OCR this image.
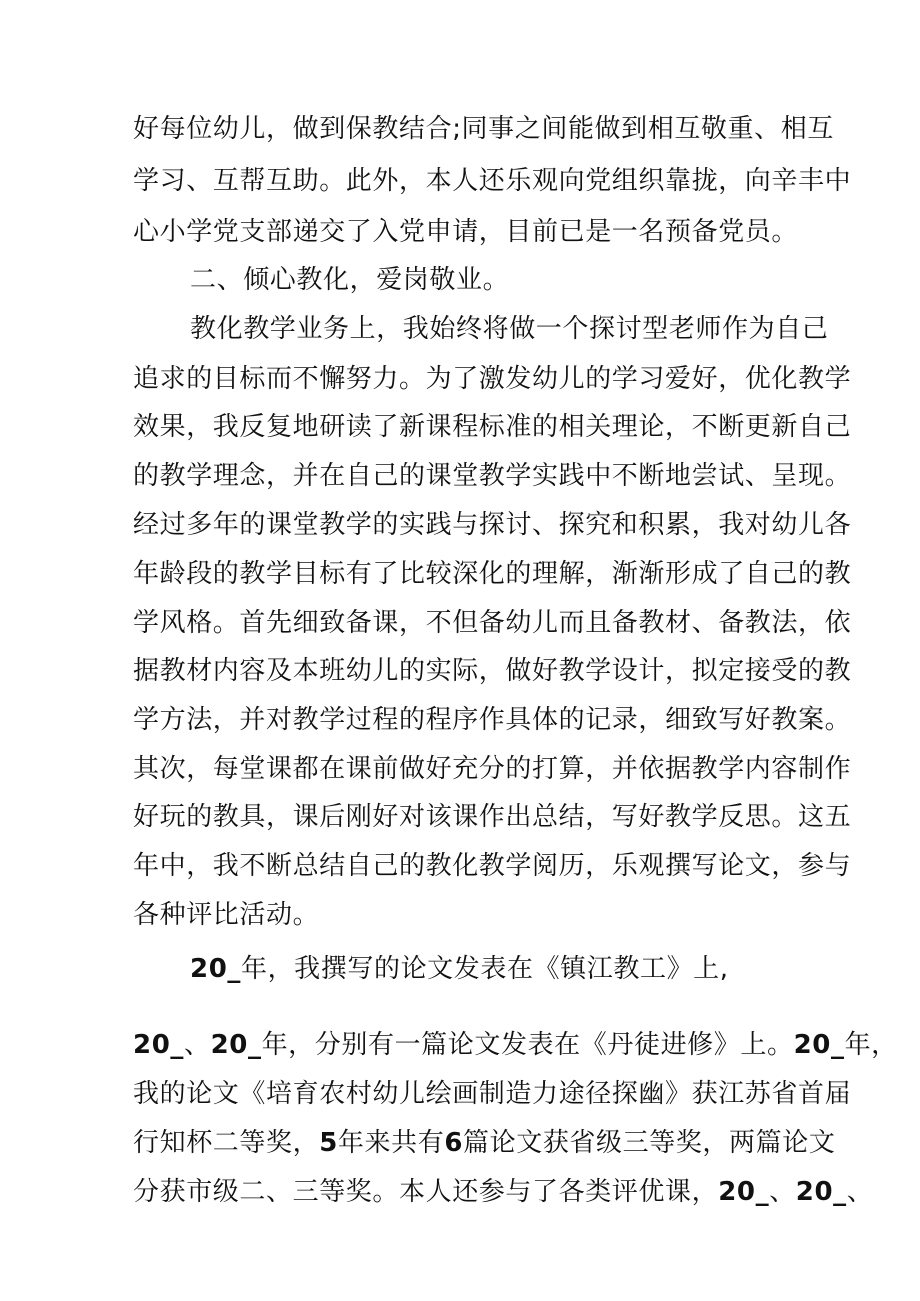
好每位幼儿，做到保教结合;同事之间能做到相互敬重、相互
学习、互帮互助。此外，本人还乐观向党组织靠拢，向辛丰中
心小学党支部递交了入党申请，目前已是一名预备党员。
二、倾心教化，爱岗敬业。
教化教学业务上，我始终将做一个探讨型老师作为自己
追求的目标而不懈努力。为了激发幼儿的学习爱好，优化教学
效果，我反复地研读了新课程标准的相关理论，不断更新自己
的教学理念，并在自己的课堂教学实践中不断地尝试、呈现。
经过多年的课堂教学的实践与探讨、探究和积累，我对幼儿各
年龄段的教学目标有了比较深化的理解，渐渐形成了自己的教
学风格。首先细致备课，不但备幼儿而且备教材、备教法，依
据教材内容及本班幼儿的实际，做好教学设计，拟定接受的教
学方法，并对教学过程的程序作具体的记录，细致写好教案。
其次，每堂课都在课前做好充分的打算，并依据教学内容制作
好玩的教具，课后刚好对该课作出总结，写好教学反思。这五
年中，我不断总结自己的教化教学阅历，乐观撰写论文，参与
各种评比活动。
20_年，我撰写的论文发表在《镇江教工》上,
20_、20_年，分别有一篇论文发表在《丹徒进修》上。20_年，
我的论文《培育农村幼儿绘画制造力途径探幽》获江苏省首届
行知杯二等奖，5年来共有6篇论文获省级三等奖，两篇论文
分获市级二、三等奖。本人还参与了各类评优课，20_、20_、
